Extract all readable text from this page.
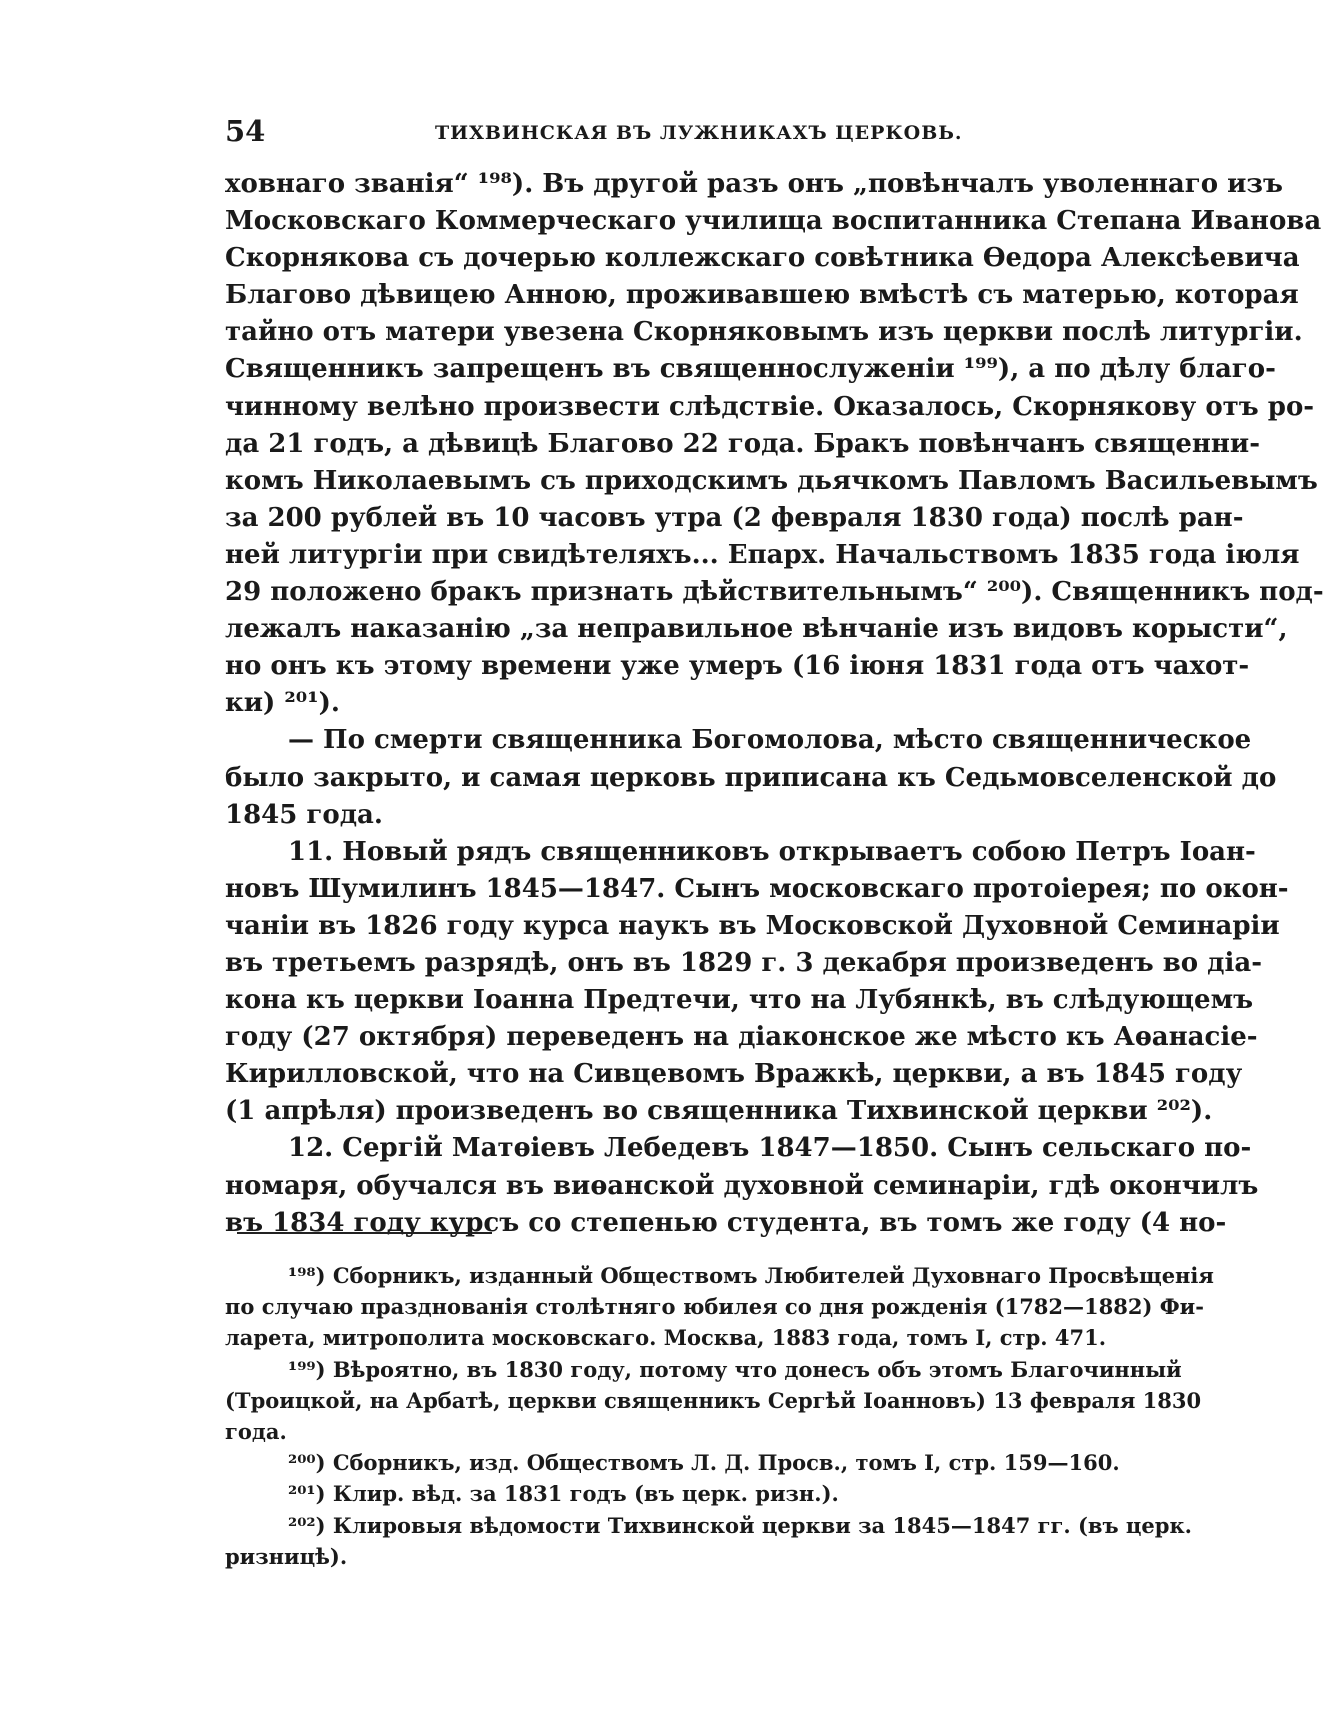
54	ТИХВИНСКАЯ ВЪ ЛУЖНИКАХЪ ЦЕРКОВЬ.
ховнаго званія“ ¹⁹⁸). Въ другой разъ онъ „повѣнчалъ уволеннаго изъ
Московскаго Коммерческаго училища воспитанника Степана Иванова
Скорнякова съ дочерью коллежскаго совѣтника Ѳедора Алексѣевича
Благово дѣвицею Анною, проживавшею вмѣстѣ съ матерью, которая
тайно отъ матери увезена Скорняковымъ изъ церкви послѣ литургіи.
Священникъ запрещенъ въ священнослуженіи ¹⁹⁹), а по дѣлу благо-
чинному велѣно произвести слѣдствіе. Оказалось, Скорнякову отъ ро-
да 21 годъ, а дѣвицѣ Благово 22 года. Бракъ повѣнчанъ священни-
комъ Николаевымъ съ приходскимъ дьячкомъ Павломъ Васильевымъ
за 200 рублей въ 10 часовъ утра (2 февраля 1830 года) послѣ ран-
ней литургіи при свидѣтеляхъ... Епарх. Начальствомъ 1835 года іюля
29 положено бракъ признать дѣйствительнымъ“ ²⁰⁰). Священникъ под-
лежалъ наказанію „за неправильное вѣнчаніе изъ видовъ корысти“,
но онъ къ этому времени уже умеръ (16 іюня 1831 года отъ чахот-
ки) ²⁰¹).
— По смерти священника Богомолова, мѣсто священническое
было закрыто, и самая церковь приписана къ Седьмовселенской до
1845 года.
11. Новый рядъ священниковъ открываетъ собою Петръ Іоан-
новъ Шумилинъ 1845—1847. Сынъ московскаго протоіерея; по окон-
чаніи въ 1826 году курса наукъ въ Московской Духовной Семинаріи
въ третьемъ разрядѣ, онъ въ 1829 г. 3 декабря произведенъ во діа-
кона къ церкви Іоанна Предтечи, что на Лубянкѣ, въ слѣдующемъ
году (27 октября) переведенъ на діаконское же мѣсто къ Аѳанасіе-
Кирилловской, что на Сивцевомъ Вражкѣ, церкви, а въ 1845 году
(1 апрѣля) произведенъ во священника Тихвинской церкви ²⁰²).
12. Сергій Матѳіевъ Лебедевъ 1847—1850. Сынъ сельскаго по-
номаря, обучался въ виѳанской духовной семинаріи, гдѣ окончилъ
въ 1834 году курсъ со степенью студента, въ томъ же году (4 но-
¹⁹⁸) Сборникъ, изданный Обществомъ Любителей Духовнаго Просвѣщенія
по случаю празднованія столѣтняго юбилея со дня рожденія (1782—1882) Фи-
ларета, митрополита московскаго. Москва, 1883 года, томъ I, стр. 471.
¹⁹⁹) Вѣроятно, въ 1830 году, потому что донесъ объ этомъ Благочинный
(Троицкой, на Арбатѣ, церкви священникъ Сергѣй Іоанновъ) 13 февраля 1830
года.
²⁰⁰) Сборникъ, изд. Обществомъ Л. Д. Просв., томъ I, стр. 159—160.
²⁰¹) Клир. вѣд. за 1831 годъ (въ церк. ризн.).
²⁰²) Клировыя вѣдомости Тихвинской церкви за 1845—1847 гг. (въ церк.
ризницѣ).
